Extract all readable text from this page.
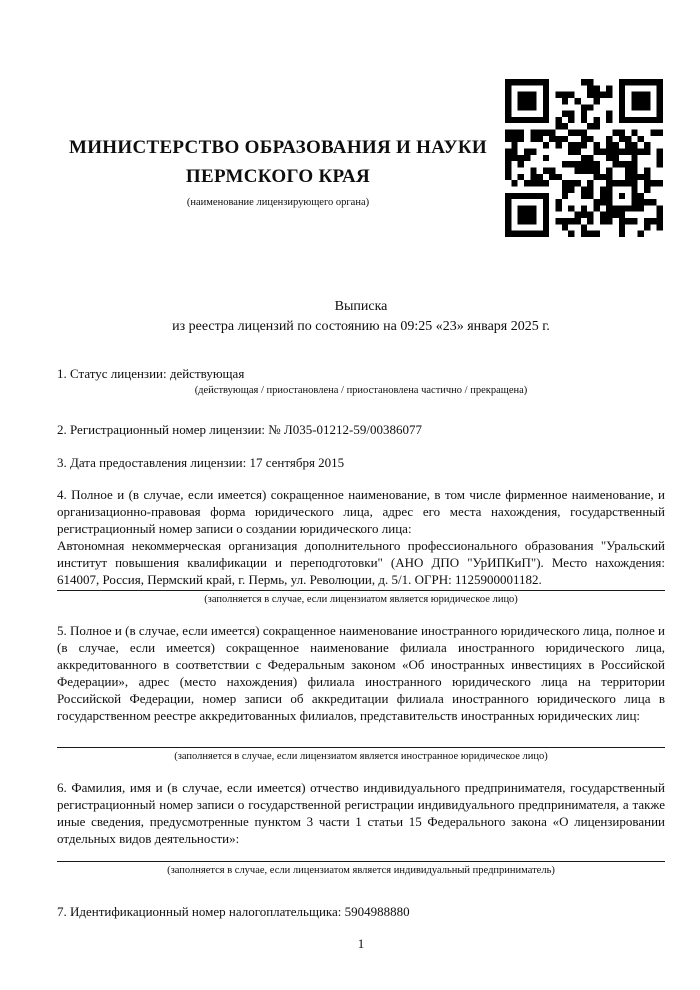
МИНИСТЕРСТВО ОБРАЗОВАНИЯ И НАУКИ
ПЕРМСКОГО КРАЯ
(наименование лицензирующего органа)
Выписка
из реестра лицензий по состоянию на 09:25 «23» января 2025 г.
1. Статус лицензии: действующая
(действующая / приостановлена / приостановлена частично / прекращена)
2. Регистрационный номер лицензии: № Л035-01212-59/00386077
3. Дата предоставления лицензии: 17 сентября 2015
4. Полное и (в случае, если имеется) сокращенное наименование, в том числе фирменное наименование, и организационно-правовая форма юридического лица, адрес его места нахождения, государственный регистрационный номер записи о создании юридического лица:
Автономная некоммерческая организация дополнительного профессионального образования "Уральский институт повышения квалификации и переподготовки" (АНО ДПО "УрИПКиП"). Место нахождения: 614007, Россия, Пермский край, г. Пермь, ул. Революции, д. 5/1. ОГРН: 1125900001182.
(заполняется в случае, если лицензиатом является юридическое лицо)
5. Полное и (в случае, если имеется) сокращенное наименование иностранного юридического лица, полное и (в случае, если имеется) сокращенное наименование филиала иностранного юридического лица, аккредитованного в соответствии с Федеральным законом «Об иностранных инвестициях в Российской Федерации», адрес (место нахождения) филиала иностранного юридического лица на территории Российской Федерации, номер записи об аккредитации филиала иностранного юридического лица в государственном реестре аккредитованных филиалов, представительств иностранных юридических лиц:
(заполняется в случае, если лицензиатом является иностранное юридическое лицо)
6. Фамилия, имя и (в случае, если имеется) отчество индивидуального предпринимателя, государственный регистрационный номер записи о государственной регистрации индивидуального предпринимателя, а также иные сведения, предусмотренные пунктом 3 части 1 статьи 15 Федерального закона «О лицензировании отдельных видов деятельности»:
(заполняется в случае, если лицензиатом является индивидуальный предприниматель)
7. Идентификационный номер налогоплательщика: 5904988880
1
